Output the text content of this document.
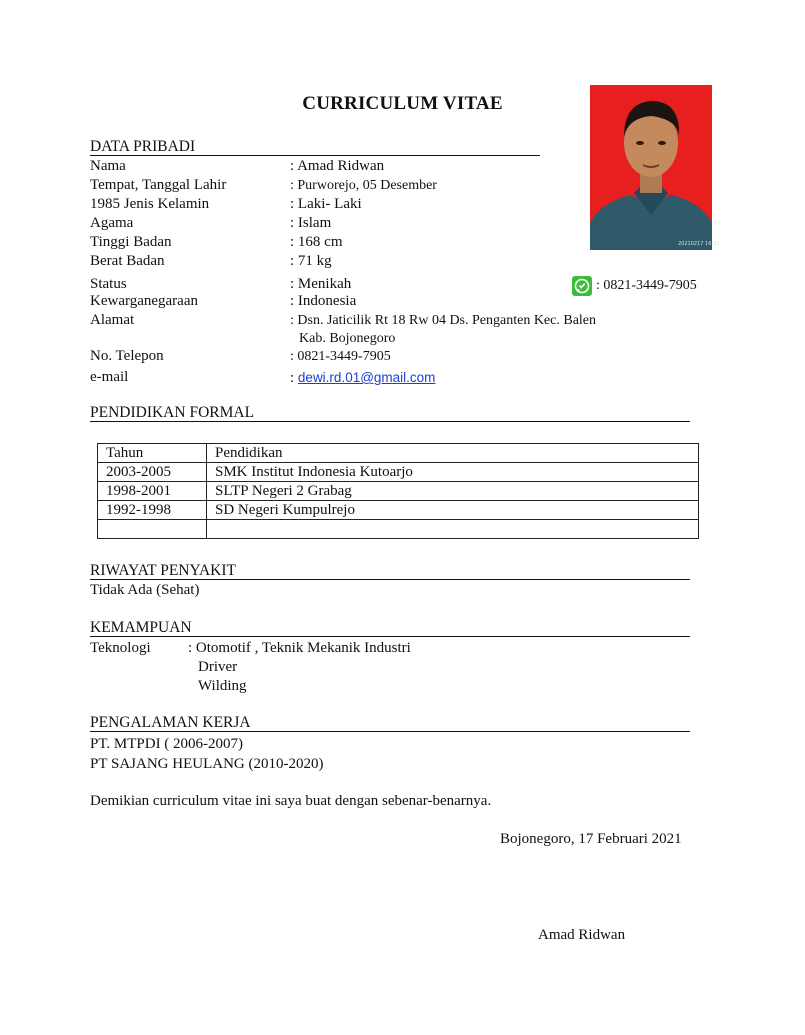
CURRICULUM VITAE
20210217 16:33
DATA PRIBADI
Nama	: Amad Ridwan
Tempat, Tanggal Lahir	: Purworejo, 05 Desember
1985 Jenis Kelamin	: Laki- Laki
Agama	: Islam
Tinggi Badan	: 168 cm
Berat Badan	: 71 kg
Status	: Menikah	: 0821-3449-7905
Kewarganegaraan	: Indonesia
Alamat	: Dsn. Jaticilik Rt 18 Rw 04 Ds. Penganten Kec. Balen
Kab. Bojonegoro
No. Telepon	: 0821-3449-7905
e-mail	: dewi.rd.01@gmail.com
PENDIDIKAN FORMAL
Tahun	Pendidikan
2003-2005	SMK Institut Indonesia Kutoarjo
1998-2001	SLTP Negeri 2 Grabag
1992-1998	SD Negeri Kumpulrejo

RIWAYAT PENYAKIT
Tidak Ada (Sehat)
KEMAMPUAN
Teknologi : Otomotif , Teknik Mekanik Industri
Driver
Wilding
PENGALAMAN KERJA
PT. MTPDI ( 2006-2007)
PT SAJANG HEULANG (2010-2020)
Demikian curriculum vitae ini saya buat dengan sebenar-benarnya.
Bojonegoro, 17 Februari 2021
Amad Ridwan
